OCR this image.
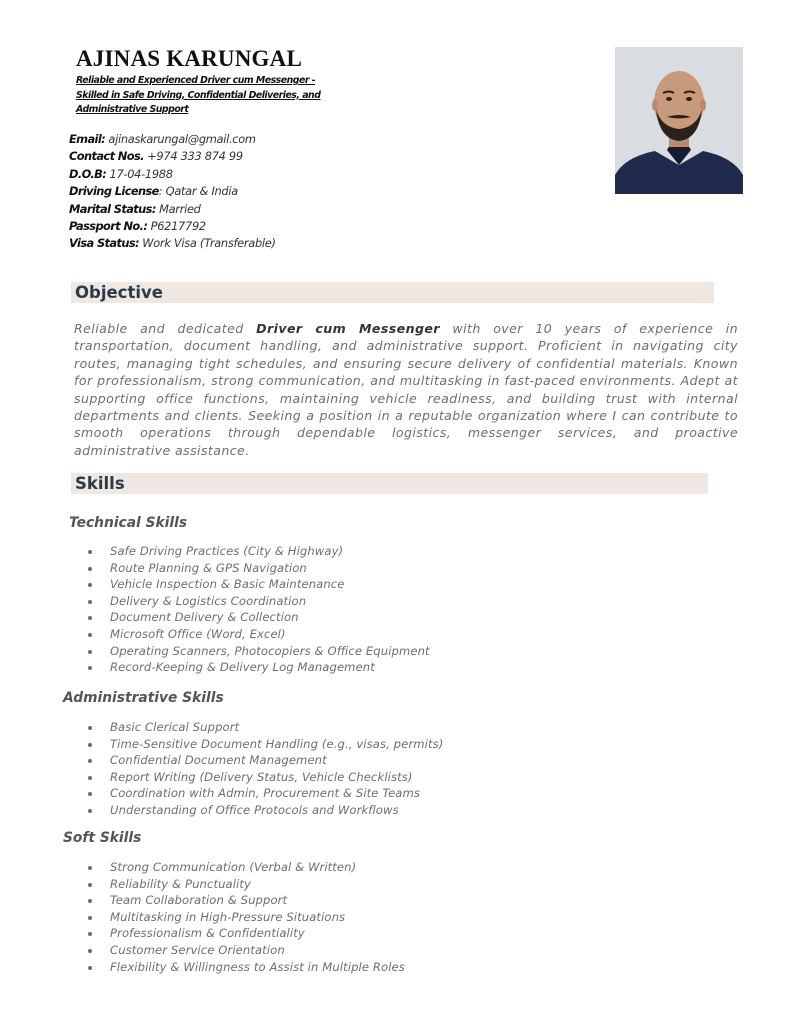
AJINAS KARUNGAL
Reliable and Experienced Driver cum Messenger - Skilled in Safe Driving, Confidential Deliveries, and Administrative Support
Email: ajinaskarungal@gmail.com
Contact Nos. +974 333 874 99
D.O.B: 17-04-1988
Driving License: Qatar & India
Marital Status: Married
Passport No.: P6217792
Visa Status: Work Visa (Transferable)
Objective

Reliable and dedicated Driver cum Messenger with over 10 years of experience in transportation, document handling, and administrative support. Proficient in navigating city routes, managing tight schedules, and ensuring secure delivery of confidential materials. Known for professionalism, strong communication, and multitasking in fast-paced environments. Adept at supporting office functions, maintaining vehicle readiness, and building trust with internal departments and clients. Seeking a position in a reputable organization where I can contribute to smooth operations through dependable logistics, messenger services, and proactive administrative assistance.

Skills
Technical Skills
Safe Driving Practices (City & Highway)
Route Planning & GPS Navigation
Vehicle Inspection & Basic Maintenance
Delivery & Logistics Coordination
Document Delivery & Collection
Microsoft Office (Word, Excel)
Operating Scanners, Photocopiers & Office Equipment
Record-Keeping & Delivery Log Management
Administrative Skills
Basic Clerical Support
Time-Sensitive Document Handling (e.g., visas, permits)
Confidential Document Management
Report Writing (Delivery Status, Vehicle Checklists)
Coordination with Admin, Procurement & Site Teams
Understanding of Office Protocols and Workflows
Soft Skills
Strong Communication (Verbal & Written)
Reliability & Punctuality
Team Collaboration & Support
Multitasking in High-Pressure Situations
Professionalism & Confidentiality
Customer Service Orientation
Flexibility & Willingness to Assist in Multiple Roles
